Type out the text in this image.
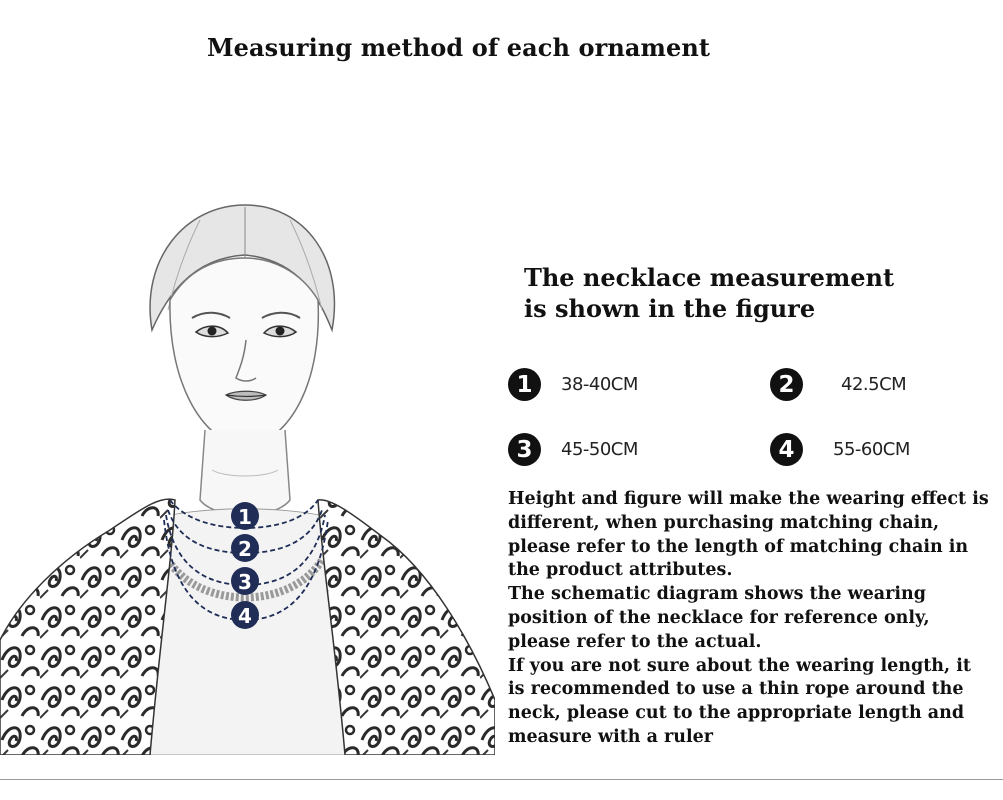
Measuring method of each ornament
1
2
3
4
The necklace measurement
is shown in the figure
1	38-40CM	2	42.5CM
3	45-50CM	4	55-60CM

Height and figure will make the wearing effect is different, when purchasing matching chain, please refer to the length of matching chain in the product attributes.

The schematic diagram shows the wearing position of the necklace for reference only, please refer to the actual.

If you are not sure about the wearing length, it is recommended to use a thin rope around the neck, please cut to the appropriate length and measure with a ruler
